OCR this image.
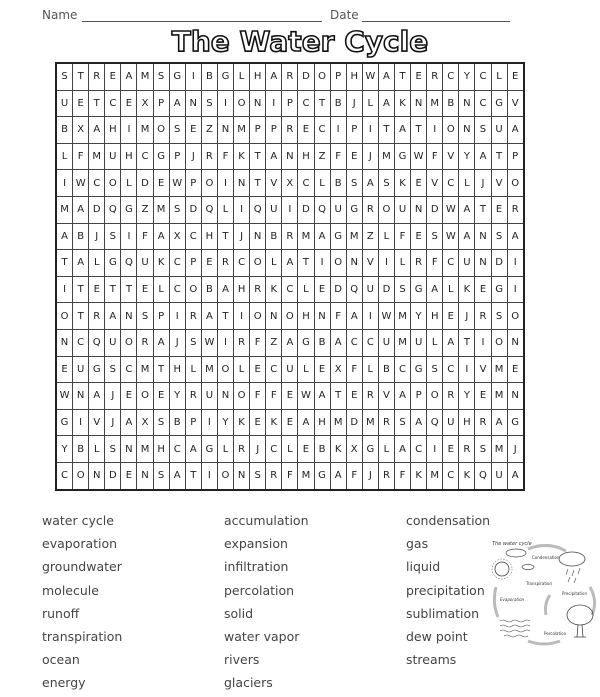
Name	Date
The Water Cycle
S	T	R	E	A	M	S	G	I	B	G	L	H	A	R	D	O	P	H	W	A	T	E	R	C	Y	C	L	E
U	E	T	C	E	X	P	A	N	S	I	O	N	I	P	C	T	B	J	L	A	K	N	M	B	N	C	G	V
B	X	A	H	I	M	O	S	E	Z	N	M	P	P	R	E	C	I	P	I	T	A	T	I	O	N	S	U	A
L	F	M	U	H	C	G	P	J	R	F	K	T	A	N	H	Z	F	E	J	M	G	W	F	V	Y	A	T	P
I	W	C	O	L	D	E	W	P	O	I	N	T	V	X	C	L	B	S	A	S	K	E	V	C	L	J	V	O
M	A	D	Q	G	Z	M	S	D	Q	L	I	Q	U	I	D	Q	U	G	R	O	U	N	D	W	A	T	E	R
A	B	J	S	I	F	A	X	C	H	T	J	N	B	R	M	A	G	M	Z	L	F	E	S	W	A	N	S	A
T	A	L	G	Q	U	K	C	P	E	R	C	O	L	A	T	I	O	N	V	I	L	R	F	C	U	N	D	I
I	T	E	T	T	E	L	C	O	B	A	H	R	K	C	L	E	D	Q	U	D	S	G	A	L	K	E	G	I
O	T	R	A	N	S	P	I	R	A	T	I	O	N	O	H	N	F	A	I	W	M	Y	H	E	J	R	S	O
N	C	Q	U	O	R	A	J	S	W	I	R	F	Z	A	G	B	A	C	C	U	M	U	L	A	T	I	O	N
E	U	G	S	C	M	T	H	L	M	O	L	E	C	U	L	E	X	F	L	B	C	G	S	C	I	V	M	E
W	N	A	J	E	O	E	Y	R	U	N	O	F	F	E	W	A	T	E	R	V	A	P	O	R	Y	E	M	N
G	I	V	J	A	X	S	B	P	I	Y	K	E	K	E	A	H	M	D	M	R	S	A	Q	U	H	R	A	G
Y	B	L	S	N	M	H	C	A	G	L	R	J	C	L	E	B	K	X	G	L	A	C	I	E	R	S	M	J
C	O	N	D	E	N	S	A	T	I	O	N	S	R	F	M	G	A	F	J	R	F	K	M	C	K	Q	U	A
water cycle
evaporation
groundwater
molecule
runoff
transpiration
ocean
energy
accumulation
expansion
infiltration
percolation
solid
water vapor
rivers
glaciers
condensation
gas
liquid
precipitation
sublimation
dew point
streams
The water cycle
Condensation
Transpiration
Precipitation
Evaporation
Percolation
